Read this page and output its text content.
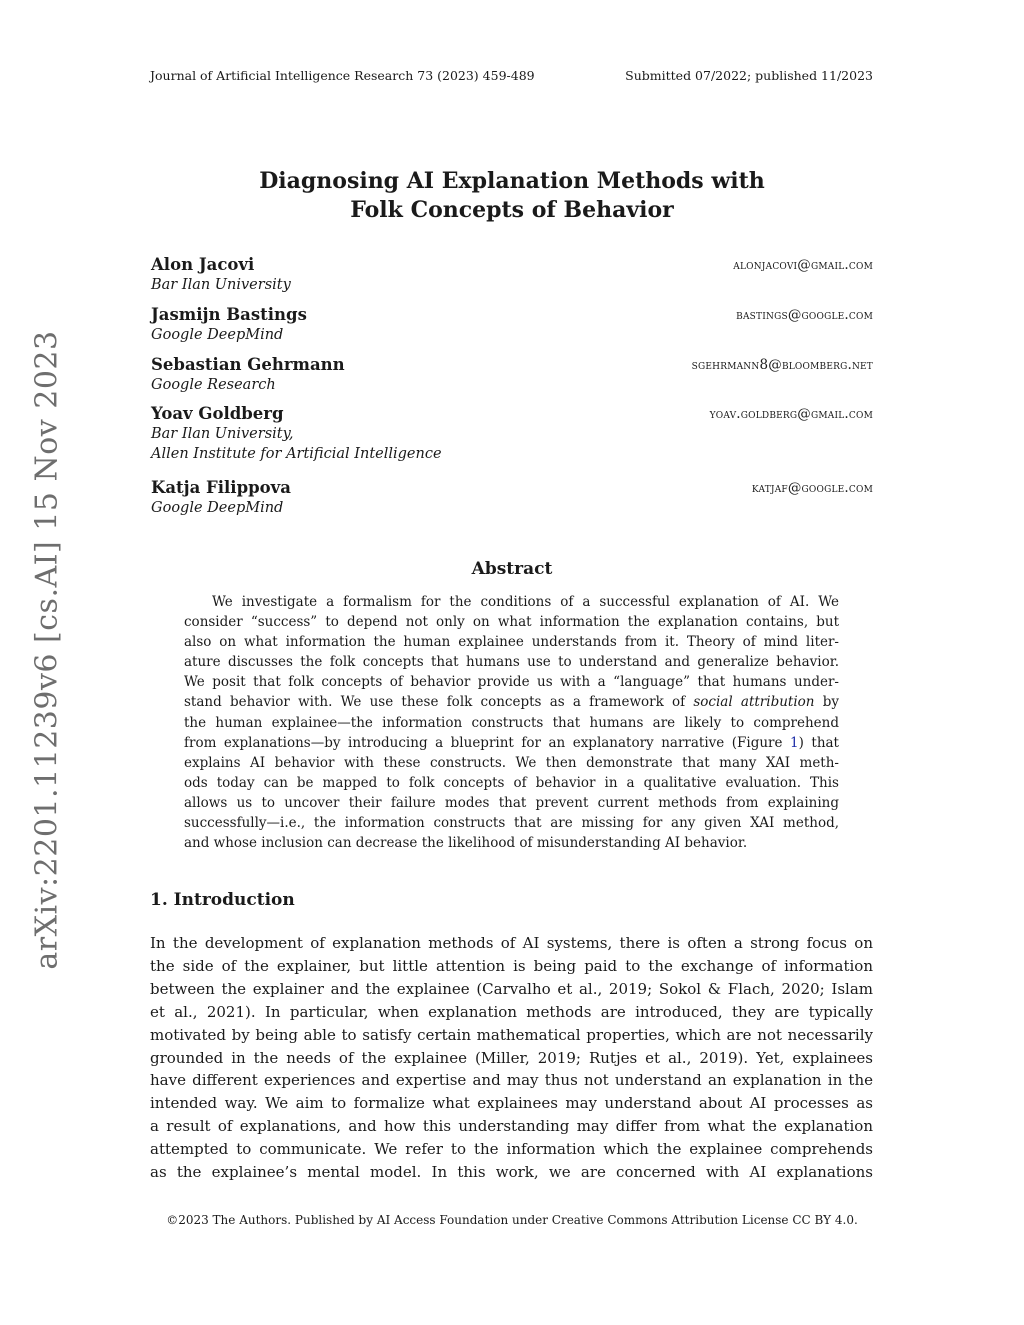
Journal of Artificial Intelligence Research 73 (2023) 459-489	Submitted 07/2022; published 11/2023
arXiv:2201.11239v6 [cs.AI] 15 Nov 2023
Diagnosing AI Explanation Methods with
Folk Concepts of Behavior
Alon Jacovi	alonjacovi@gmail.com
Bar Ilan University
Jasmijn Bastings	bastings@google.com
Google DeepMind
Sebastian Gehrmann	sgehrmann8@bloomberg.net
Google Research
Yoav Goldberg	yoav.goldberg@gmail.com
Bar Ilan University,
Allen Institute for Artificial Intelligence
Katja Filippova	katjaf@google.com
Google DeepMind
Abstract
We investigate a formalism for the conditions of a successful explanation of AI. We
consider “success” to depend not only on what information the explanation contains, but
also on what information the human explainee understands from it. Theory of mind liter-
ature discusses the folk concepts that humans use to understand and generalize behavior.
We posit that folk concepts of behavior provide us with a “language” that humans under-
stand behavior with. We use these folk concepts as a framework of social attribution by
the human explainee—the information constructs that humans are likely to comprehend
from explanations—by introducing a blueprint for an explanatory narrative (Figure 1) that
explains AI behavior with these constructs. We then demonstrate that many XAI meth-
ods today can be mapped to folk concepts of behavior in a qualitative evaluation. This
allows us to uncover their failure modes that prevent current methods from explaining
successfully—i.e., the information constructs that are missing for any given XAI method,
and whose inclusion can decrease the likelihood of misunderstanding AI behavior.
1. Introduction
In the development of explanation methods of AI systems, there is often a strong focus on
the side of the explainer, but little attention is being paid to the exchange of information
between the explainer and the explainee (Carvalho et al., 2019; Sokol & Flach, 2020; Islam
et al., 2021). In particular, when explanation methods are introduced, they are typically
motivated by being able to satisfy certain mathematical properties, which are not necessarily
grounded in the needs of the explainee (Miller, 2019; Rutjes et al., 2019). Yet, explainees
have different experiences and expertise and may thus not understand an explanation in the
intended way. We aim to formalize what explainees may understand about AI processes as
a result of explanations, and how this understanding may differ from what the explanation
attempted to communicate. We refer to the information which the explainee comprehends
as the explainee’s mental model. In this work, we are concerned with AI explanations
©2023 The Authors. Published by AI Access Foundation under Creative Commons Attribution License CC BY 4.0.
